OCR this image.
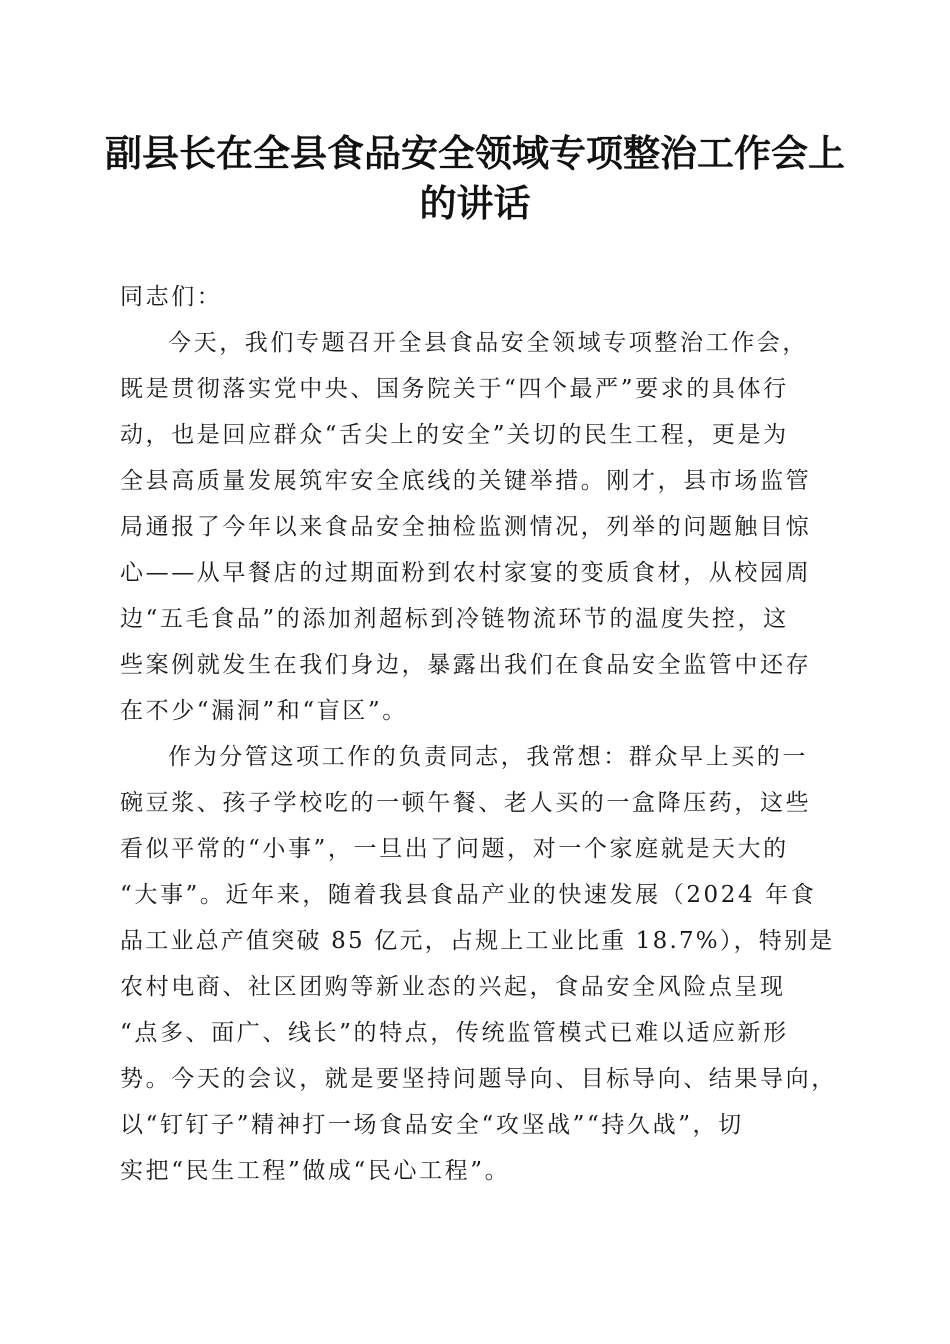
副县长在全县食品安全领域专项整治工作会上
的讲话
同志们：
今天，我们专题召开全县食品安全领域专项整治工作会，
既是贯彻落实党中央、国务院关于“四个最严”要求的具体行
动，也是回应群众“舌尖上的安全”关切的民生工程，更是为
全县高质量发展筑牢安全底线的关键举措。刚才，县市场监管
局通报了今年以来食品安全抽检监测情况，列举的问题触目惊
心——从早餐店的过期面粉到农村家宴的变质食材，从校园周
边“五毛食品”的添加剂超标到冷链物流环节的温度失控，这
些案例就发生在我们身边，暴露出我们在食品安全监管中还存
在不少“漏洞”和“盲区”。
作为分管这项工作的负责同志，我常想：群众早上买的一
碗豆浆、孩子学校吃的一顿午餐、老人买的一盒降压药，这些
看似平常的“小事”，一旦出了问题，对一个家庭就是天大的
“大事”。近年来，随着我县食品产业的快速发展（2024 年食
品工业总产值突破 85 亿元，占规上工业比重 18.7%），特别是
农村电商、社区团购等新业态的兴起，食品安全风险点呈现
“点多、面广、线长”的特点，传统监管模式已难以适应新形
势。今天的会议，就是要坚持问题导向、目标导向、结果导向，
以“钉钉子”精神打一场食品安全“攻坚战”“持久战”，切
实把“民生工程”做成“民心工程”。
